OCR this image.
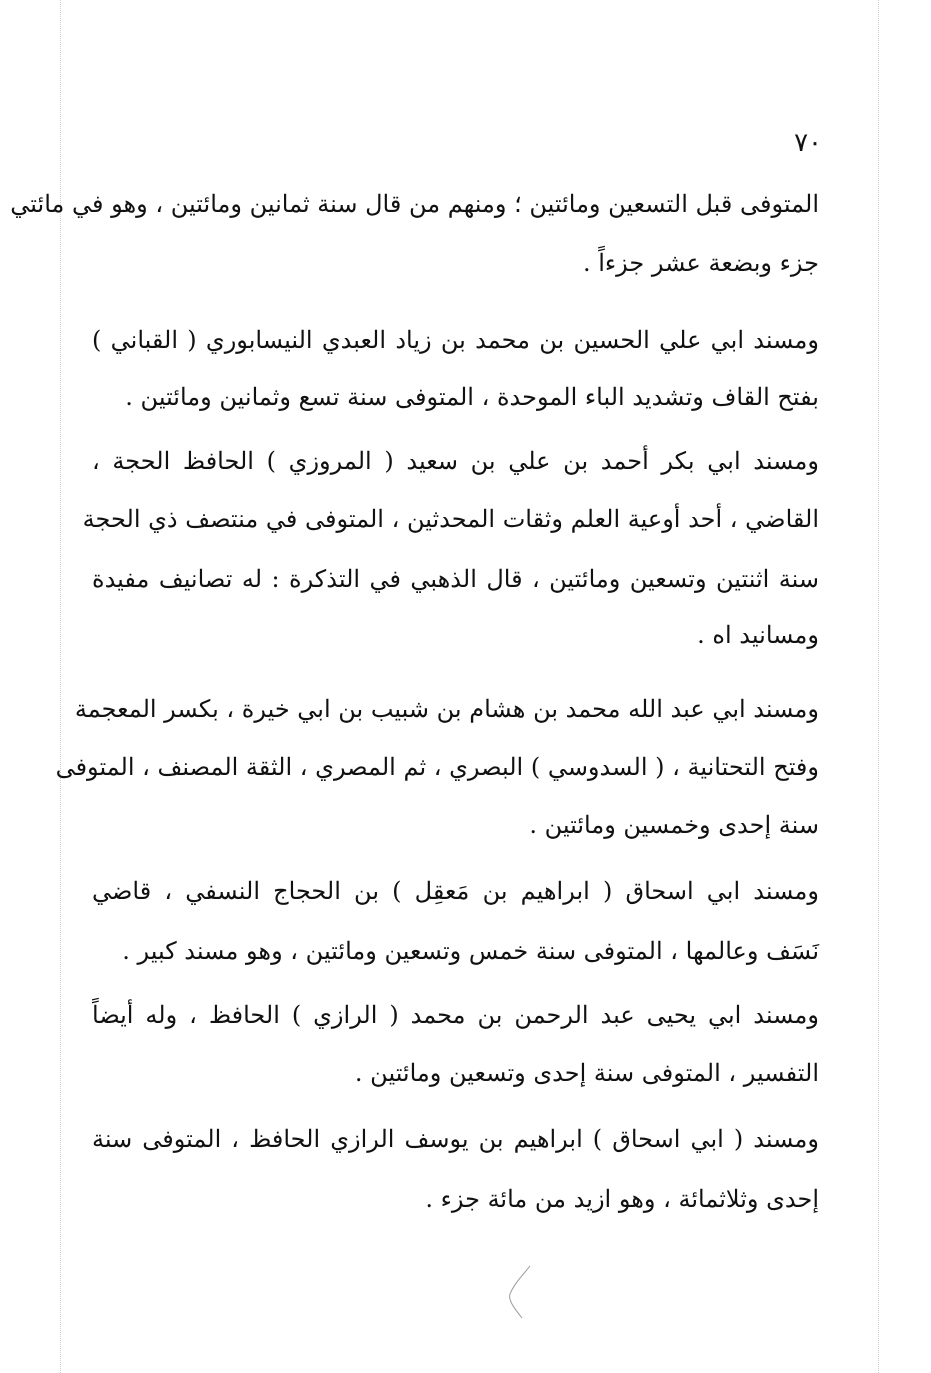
٧٠
المتوفى قبل التسعين ومائتين ؛ ومنهم من قال سنة ثمانين ومائتين ، وهو في مائتي
جزء وبضعة عشر جزءاً .
ومسند ابي علي الحسين بن محمد بن زياد العبدي النيسابوري ( القباني )
بفتح القاف وتشديد الباء الموحدة ، المتوفى سنة تسع وثمانين ومائتين .
ومسند ابي بكر أحمد بن علي بن سعيد ( المروزي ) الحافظ الحجة ،
القاضي ، أحد أوعية العلم وثقات المحدثين ، المتوفى في منتصف ذي الحجة
سنة اثنتين وتسعين ومائتين ، قال الذهبي في التذكرة : له تصانيف مفيدة
ومسانيد اه .
ومسند ابي عبد الله محمد بن هشام بن شبيب بن ابي خيرة ، بكسر المعجمة
وفتح التحتانية ، ( السدوسي ) البصري ، ثم المصري ، الثقة المصنف ، المتوفى
سنة إحدى وخمسين ومائتين .
ومسند ابي اسحاق ( ابراهيم بن مَعقِل ) بن الحجاج النسفي ، قاضي
نَسَف وعالمها ، المتوفى سنة خمس وتسعين ومائتين ، وهو مسند كبير .
ومسند ابي يحيى عبد الرحمن بن محمد ( الرازي ) الحافظ ، وله أيضاً
التفسير ، المتوفى سنة إحدى وتسعين ومائتين .
ومسند ( ابي اسحاق ) ابراهيم بن يوسف الرازي الحافظ ، المتوفى سنة
إحدى وثلاثمائة ، وهو ازيد من مائة جزء .
